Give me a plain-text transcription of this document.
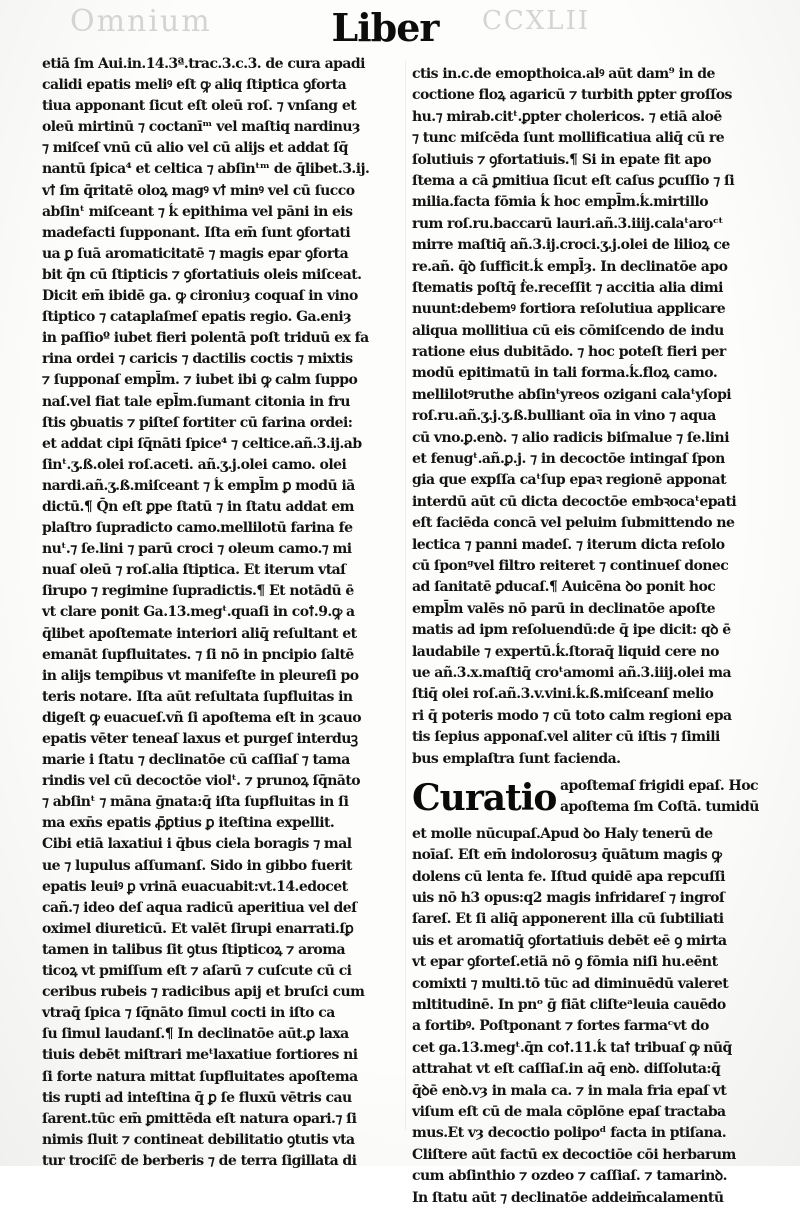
Omnium	CCXLII
Liber
etiā ſm Aui.in.14.3ª.trac.3.c.3. de cura apadi
calidi epatis meliꝰ eſt ꝙ aliq ſtiptica ꝯforta
tiua apponant ſicut eſt oleū roſ. ⁊ vnſang et
oleū mirtinū ⁊ coctanīᵐ vel maſtiq nardinuȝ
⁊ miſceſ vnū cū alio vel cū alijs et addat ſq̄
nantū ſpica⁴ et celtica ⁊ abſinᵗᵐ de q̄libet.3.ij.
vꝉ ſm q̄ritatē oloꝝ magꝰ vꝉ minꝰ vel cū ſucco
abſinᵗ miſceant ⁊ ḱ epithima vel pāni in eis
madefacti ſupponant. Iſta em̄ ſunt ꝯfortati
ua ꝑ ſuā aromaticitatē ⁊ magis epar ꝯforta
bit q̄n cū ſtipticis ⁊ ꝯfortatiuis oleis miſceat.
Dicit em̄ ibidē ga. ꝙ cironiuȝ coquaſ in vino
ſtiptico ⁊ cataplaſmeſ epatis regio. Ga.eniȝ
in paſſioº iubet fieri polentā poſt triduū ex fa
rina ordei ⁊ caricis ⁊ dactilis coctis ⁊ mixtis
⁊ ſupponaſ empl̄m. ⁊ iubet ibi ꝙ calm ſuppo
naſ.vel fiat tale epl̄m.ſumant citonia in fru
ſtis ꝯbuatis ⁊ piſteſ fortiter cū farina ordei:
et addat cipi ſq̄nāti ſpice⁴ ⁊ celtice.añ.3.ij.ab
ſinᵗ.ʒ.ß.olei roſ.aceti. añ.ʒ.j.olei camo. olei
nardi.añ.ʒ.ß.miſceant ⁊ ḱ empl̄m ꝑ modū iā
dictū.¶ Q̄n eſt ꝑpe ſtatū ⁊ in ſtatu addat em
plaſtro ſupradicto camo.mellilotū farina fe
nuᵗ.⁊ ſe.lini ⁊ parū croci ⁊ oleum camo.⁊ mi
nuaſ oleū ⁊ roſ.alia ſtiptica. Et iterum vtaſ
ſirupo ⁊ regimine ſupradictis.¶ Et notādū ē
vt clare ponit Ga.13.megᵗ.quaſi in coꝉ.9.ꝙ a
q̄libet apoſtemate interiori aliq̄ reſultant et
emanāt ſupfluitates. ⁊ ſi nō in pncipio ſaltē
in alijs temꝑibus vt manifeſte in pleureſi po
teris notare. Iſta aūt reſultata ſupfluitas in
digeſt ꝙ euacueſ.vñ ſi apoſtema eſt in ȝcauo
epatis vēter teneaſ laxus et purgeſ interduꝫ
marie i ſtatu ⁊ declinatōe cū caſſiaſ ⁊ tama
rindis vel cū decoctōe violᵗ. ⁊ prunoꝝ ſq̄nāto
⁊ abſinᵗ ⁊ māna ḡnata:q̄ iſta ſupfluitas in ſi
ma exn̄s epatis ꝓ̄ꝑtius ꝑ iteſtina expellit.
Cibi etiā laxatiui i q̄bus ciela boragis ⁊ mal
ue ⁊ lupulus aſſumanſ. Sido in gibbo fuerit
epatis leuiꝰ ꝑ vrinā euacuabit:vt.14.edocet
cañ.⁊ ideo deſ aqua radicū aperitiua vel deſ
oximel diureticū. Et valēt ſirupi enarrati.ſꝑ
tamen in talibus ſit ꝯtus ſtipticoꝝ ⁊ aroma
ticoꝝ vt pmiſſum eſt ⁊ aſarū ⁊ cuſcute cū ci
ceribus rubeis ⁊ radicibus apij et bruſci cum
vtraq̄ ſpica ⁊ ſq̄nāto ſimul cocti in iſto ca
ſu ſimul laudanſ.¶ In declinatōe aūt.ꝑ laxa
tiuis debēt miſtrari meᵗlaxatiue fortiores ni
ſi forte natura mittat ſupfluitates apoſtema
tis rupti ad inteſtina q̄ ꝑ ſe fluxū vētris cau
ſarent.tūc em̄ ꝑmittēda eſt natura opari.⁊ ſi
nimis ſluit ⁊ contineat debilitatio ꝯtutis vta
tur trociſc̄ de berberis ⁊ de terra ſigillata di
ctis in.c.de emopthoica.alꝰ aūt dam⁹ in de
coctione floꝝ agaricū ⁊ turbith ꝑpter groſſos
hu.⁊ mirab.citᵗ.ꝑpter cholericos. ⁊ etiā aloē
⁊ tunc miſcēda ſunt mollificatiua aliq̄ cū re
ſolutiuis ⁊ ꝯfortatiuis.¶ Si in epate fit apo
ſtema a cā ꝑmitiua ſicut eſt caſus ꝑcuſſio ⁊ ſi
milia.facta fōmia ḱ hoc empl̄m.ḱ.mirtillo
rum roſ.ru.baccarū lauri.añ.3.iiij.calaᵗaroᶜᵗ
mirre maſtiq̄ añ.3.ij.croci.ʒ.j.olei de lilioꝝ ce
re.añ. q̄ꝺ ſufficit.ḱ empl̄ȝ. In declinatōe apo
ſtematis poſtq̄ ḟe.receſſit ⁊ accitia alia dimi
nuunt:debemꝰ fortiora reſolutiua applicare
aliqua mollitiua cū eis cōmiſcendo de indu
ratione eius dubitādo. ⁊ hoc poteſt fieri per
modū epitimatū in tali forma.ḱ.floꝝ camo.
mellilotꝰruthe abſinᵗyreos ozigani calaᵗyſopi
roſ.ru.añ.ʒ.j.ʒ.ß.bulliant oīa in vino ⁊ aqua
cū vno.ꝑ.enꝺ. ⁊ alio radicis biſmalue ⁊ ſe.lini
et fenugᵗ.añ.ꝑ.j. ⁊ in decoctōe intingaſ ſpon
gia que expſſa caᵗſup epaꝛ regionē apponat
interdū aūt cū dicta decoctōe embꝛocaᵗepati
eſt faciēda concā vel peluim ſubmittendo ne
lectica ⁊ panni madeſ. ⁊ iterum dicta reſolo
cū ſponᵍvel filtro reiteret ⁊ continueſ donec
ad ſanitatē ꝑducaſ.¶ Auicēna ꝺo ponit hoc
empl̄m valēs nō parū in declinatōe apoſte
matis ad ipm reſoluendū:de q̄ ipe dicit: qꝺ ē
laudabile ⁊ expertū.ḱ.ſtoraq̄ liquid cere no
ue añ.3.x.maſtiq̄ croᵗamomi añ.3.iiij.olei ma
ſtiq̄ olei roſ.añ.3.v.vini.ḱ.ß.miſceanſ melio
ri q̄ poteris modo ⁊ cū toto calm regioni epa
tis ſepius apponaſ.vel aliter cū iſtis ⁊ ſimili
bus emplaſtra ſunt facienda.
Curatio apoſtemaſ frigidi epaſ. Hoc
apoſtema ſm Coſtā. tumidū
et molle nūcupaſ.Apud ꝺo Haly tenerū de
noīaſ. Eſt em̄ indolorosuȝ q̄uātum magis ꝙ
dolens cū lenta fe. Iſtud quidē apa repcuſſi
uis nō h3 opus:q2 magis infridareſ ⁊ ingroſ
ſareſ. Et ſi aliq̄ apponerent illa cū ſubtiliati
uis et aromatiq̄ ꝯfortatiuis debēt eē ꝯ mirta
vt epar ꝯforteſ.etiā nō ꝯ fōmia niſi hu.eēnt
comixti ⁊ multi.tō tūc ad diminuēdū valeret
mltitudinē. In pnᵒ ḡ fiāt cliſteᵃleuia cauēdo
a fortibꝰ. Poſtponant ⁊ fortes farmaᶜvt do
cet ga.13.megᵗ.q̄n coꝉ.11.ḱ taꝉ tribuaſ ꝙ nūq̄
attrahat vt eſt caſſiaſ.in aq̄ enꝺ. diſſoluta:q̄
q̄ꝺē enꝺ.vȝ in mala ca. ⁊ in mala fria epaſ vt
viſum eſt cū de mala cōplōne epaſ tractaba
mus.Et vȝ decoctio polipoᵈ facta in ptiſana.
Cliſtere aūt factū ex decoctiōe cōi herbarum
cum abſinthio ⁊ ozdeo ⁊ caſſiaſ. ⁊ tamarinꝺ.
In ſtatu aūt ⁊ declinatōe addeim̄calamentū
